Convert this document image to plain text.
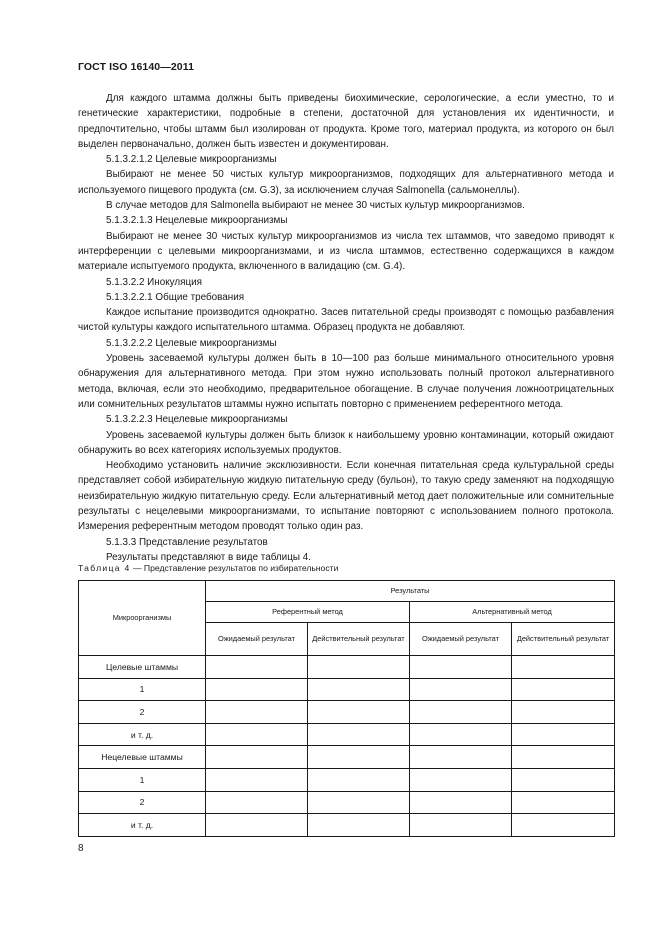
ГОСТ ISO 16140—2011

Для каждого штамма должны быть приведены биохимические, серологические, а если уместно, то и генетические характеристики, подробные в степени, достаточной для установления их идентичности, и предпочтительно, чтобы штамм был изолирован от продукта. Кроме того, материал продукта, из которого он был выделен первоначально, должен быть известен и документирован.

5.1.3.2.1.2 Целевые микроорганизмы

Выбирают не менее 50 чистых культур микроорганизмов, подходящих для альтернативного метода и используемого пищевого продукта (см. G.3), за исключением случая Salmonella (сальмонеллы).

В случае методов для Salmonella выбирают не менее 30 чистых культур микроорганизмов.

5.1.3.2.1.3 Нецелевые микроорганизмы

Выбирают не менее 30 чистых культур микроорганизмов из числа тех штаммов, что заведомо приводят к интерференции с целевыми микроорганизмами, и из числа штаммов, естественно содержащихся в каждом материале испытуемого продукта, включенного в валидацию (см. G.4).

5.1.3.2.2 Инокуляция

5.1.3.2.2.1 Общие требования

Каждое испытание производится однократно. Засев питательной среды производят с помощью разбавления чистой культуры каждого испытательного штамма. Образец продукта не добавляют.

5.1.3.2.2.2 Целевые микроорганизмы

Уровень засеваемой культуры должен быть в 10—100 раз больше минимального относительного уровня обнаружения для альтернативного метода. При этом нужно использовать полный протокол альтернативного метода, включая, если это необходимо, предварительное обогащение. В случае получения ложноотрицательных или сомнительных результатов штаммы нужно испытать повторно с применением референтного метода.

5.1.3.2.2.3 Нецелевые микроорганизмы

Уровень засеваемой культуры должен быть близок к наибольшему уровню контаминации, который ожидают обнаружить во всех категориях используемых продуктов.

Необходимо установить наличие эксклюзивности. Если конечная питательная среда культуральной среды представляет собой избирательную жидкую питательную среду (бульон), то такую среду заменяют на подходящую неизбирательную жидкую питательную среду. Если альтернативный метод дает положительные или сомнительные результаты с нецелевыми микроорганизмами, то испытание повторяют с использованием полного протокола. Измерения референтным методом проводят только один раз.

5.1.3.3 Представление результатов

Результаты представляют в виде таблицы 4.

Таблица 4 — Представление результатов по избирательности
Микроорганизмы	Результаты			
	Референтный метод		Альтернативный метод	
	Ожидаемый результат	Действительный результат	Ожидаемый результат	Действительный результат
Целевые штаммы				
1				
2				
и т. д.				
Нецелевые штаммы				
1				
2				
и т. д.				
8
